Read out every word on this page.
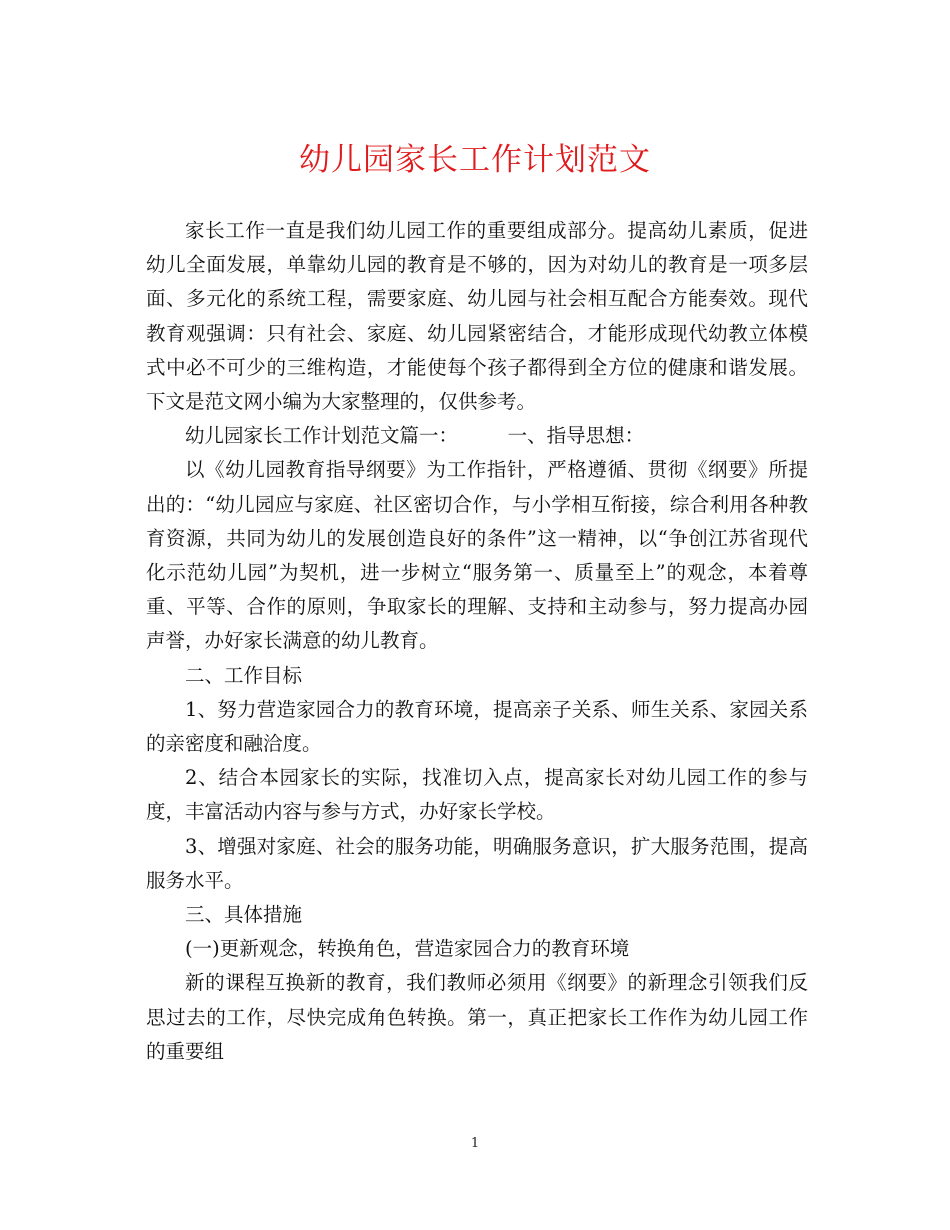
幼儿园家长工作计划范文

家长工作一直是我们幼儿园工作的重要组成部分。提高幼儿素质，促进幼儿全面发展，单靠幼儿园的教育是不够的，因为对幼儿的教育是一项多层面、多元化的系统工程，需要家庭、幼儿园与社会相互配合方能奏效。现代教育观强调：只有社会、家庭、幼儿园紧密结合，才能形成现代幼教立体模式中必不可少的三维构造，才能使每个孩子都得到全方位的健康和谐发展。下文是范文网小编为大家整理的，仅供参考。

幼儿园家长工作计划范文篇一：        一、指导思想：

以《幼儿园教育指导纲要》为工作指针，严格遵循、贯彻《纲要》所提出的：“幼儿园应与家庭、社区密切合作，与小学相互衔接，综合利用各种教育资源，共同为幼儿的发展创造良好的条件”这一精神，以“争创江苏省现代化示范幼儿园”为契机，进一步树立“服务第一、质量至上”的观念，本着尊重、平等、合作的原则，争取家长的理解、支持和主动参与，努力提高办园声誉，办好家长满意的幼儿教育。

二、工作目标

1、努力营造家园合力的教育环境，提高亲子关系、师生关系、家园关系的亲密度和融洽度。

2、结合本园家长的实际，找准切入点，提高家长对幼儿园工作的参与度，丰富活动内容与参与方式，办好家长学校。

3、增强对家庭、社会的服务功能，明确服务意识，扩大服务范围，提高服务水平。

三、具体措施

(一)更新观念，转换角色，营造家园合力的教育环境

新的课程互换新的教育，我们教师必须用《纲要》的新理念引领我们反思过去的工作，尽快完成角色转换。第一，真正把家长工作作为幼儿园工作的重要组

1
